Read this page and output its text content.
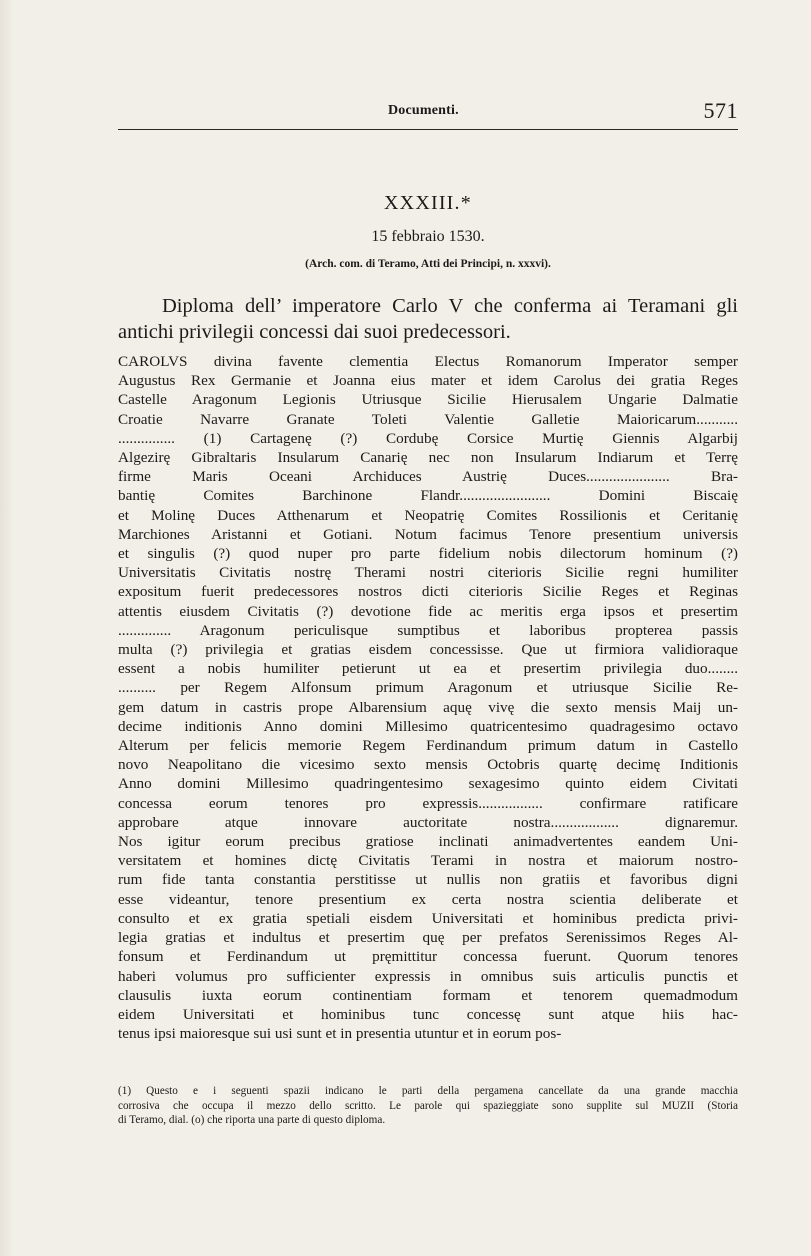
Documenti.	571
XXXIII.*
15 febbraio 1530.
(Arch. com. di Teramo, Atti dei Principi, n. xxxvi).
Diploma dell’ imperatore Carlo V che conferma ai Teramani gli antichi privilegii concessi dai suoi predecessori.
CAROLVS divina favente clementia Electus Romanorum Imperator semper
Augustus Rex Germanie et Joanna eius mater et idem Carolus dei gratia Reges
Castelle Aragonum Legionis Utriusque Sicilie Hierusalem Ungarie Dalmatie
Croatie Navarre Granate Toleti Valentie Galletie Maioricarum...........
............... (1) Cartagenę (?) Cordubę Corsice Murtię Giennis Algarbij
Algezirę Gibraltaris Insularum Canarię nec non Insularum Indiarum et Terrę
firme Maris Oceani Archiduces Austrię Duces...................... Bra-
bantię Comites Barchinone Flandr........................ Domini Biscaię
et Molinę Duces Atthenarum et Neopatrię Comites Rossilionis et Ceritanię
Marchiones Aristanni et Gotiani. Notum facimus Tenore presentium universis
et singulis (?) quod nuper pro parte fidelium nobis dilectorum hominum (?)
Universitatis Civitatis nostrę Therami nostri citerioris Sicilie regni humiliter
expositum fuerit predecessores nostros dicti citerioris Sicilie Reges et Reginas
attentis eiusdem Civitatis (?) devotione fide ac meritis erga ipsos et presertim
.............. Aragonum periculisque sumptibus et laboribus propterea passis
multa (?) privilegia et gratias eisdem concessisse. Que ut firmiora validioraque
essent a nobis humiliter petierunt ut ea et presertim privilegia duo........
.......... per Regem Alfonsum primum Aragonum et utriusque Sicilie Re-
gem datum in castris prope Albarensium aquę vivę die sexto mensis Maij un-
decime inditionis Anno domini Millesimo quatricentesimo quadragesimo octavo
Alterum per felicis memorie Regem Ferdinandum primum datum in Castello
novo Neapolitano die vicesimo sexto mensis Octobris quartę decimę Inditionis
Anno domini Millesimo quadringentesimo sexagesimo quinto eidem Civitati
concessa eorum tenores pro expressis................. confirmare ratificare
approbare atque innovare auctoritate nostra.................. dignaremur.
Nos igitur eorum precibus gratiose inclinati animadvertentes eandem Uni-
versitatem et homines dictę Civitatis Terami in nostra et maiorum nostro-
rum fide tanta constantia perstitisse ut nullis non gratiis et favoribus digni
esse videantur, tenore presentium ex certa nostra scientia deliberate et
consulto et ex gratia spetiali eisdem Universitati et hominibus predicta privi-
legia gratias et indultus et presertim quę per prefatos Serenissimos Reges Al-
fonsum et Ferdinandum ut pręmittitur concessa fuerunt. Quorum tenores
haberi volumus pro sufficienter expressis in omnibus suis articulis punctis et
clausulis iuxta eorum continentiam formam et tenorem quemadmodum
eidem Universitati et hominibus tunc concessę sunt atque hiis hac-
tenus ipsi maioresque sui usi sunt et in presentia utuntur et in eorum pos-
(1) Questo e i seguenti spazii indicano le parti della pergamena cancellate da una grande macchia
corrosiva che occupa il mezzo dello scritto. Le parole qui spazieggiate sono supplite sul MUZII (Storia
di Teramo, dial. (o) che riporta una parte di questo diploma.
